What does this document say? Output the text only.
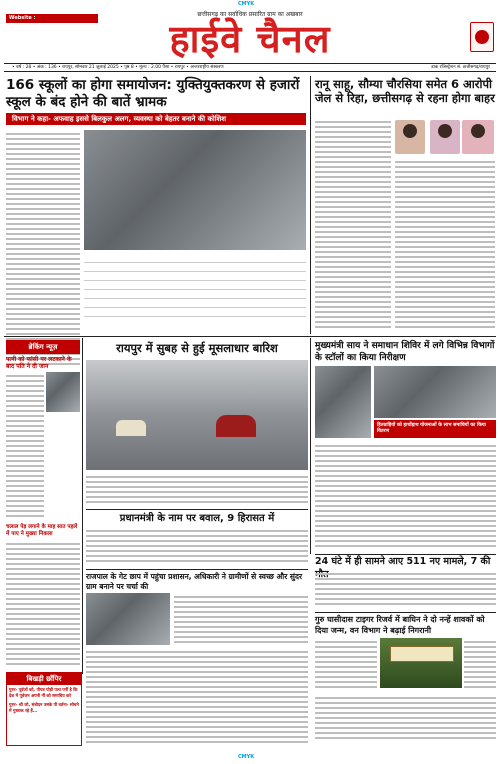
CMYK
Website : www.highwaychannel.in
छत्तीसगढ़ का सर्वाधिक प्रसारित ग्राम का अखबार
हाईवे चैनल
• वर्ष : 28 • अंक : 136 • रायपुर, सोमवार 21 जुलाई 2025 • पृष्ठ 8 • मूल्य : 2.00 पैसा • रायपुर • अन्तरराष्ट्रीय संस्करण	डाक रजिस्ट्रेशन सं. छत्तीसगढ़/रायपुर
166 स्कूलों का होगा समायोजन: युक्तियुक्तकरण से हजारों स्कूल के बंद होने की बातें भ्रामक
विभाग ने कहा- अफवाह इससे बिलकुल अलग, व्यवस्था को बेहतर बनाने की कोशिश
रानू साहू, सौम्या चौरसिया समेत 6 आरोपी जेल से रिहा, छत्तीसगढ़ से रहना होगा बाहर
ब्रेकिंग न्यूज़
पत्नी को फांसी पर लटकाने के बाद पति ने दी जान
चलाल पेड़ लगाने के माह सात पहलें में पाए ने मुख्या निकला
रायपुर में सुबह से हुई मूसलाधार बारिश	मुख्यमंत्री साय ने समाधान शिविर में लगे विभिन्न विभागों के स्टॉलों का किया निरीक्षण
हितग्राहियों को हाथोंहाथ योजनाओं के लाभ समाधियों का किया वितरण
प्रधानमंत्री के नाम पर बवाल, 9 हिरासत में
24 घंटे में ही सामने आए 511 नए मामले, 7 की
राजपाल के गेट छाप में पहुंचा प्रशासन, अधिकारी ने ग्रामीणों से स्वच्छ और सुंदर ग्राम बनाने पर चर्चा की
गुरु घासीदास टाइगर रिजर्व में बाघिन ने दो नन्हें शावकों को दिया जन्म, वन विभाग ने बढ़ाई निगरानी
बिखड़ी छाँपिर
गुरुर- पूर्वजों को, पीयत्र पोड़ी पत्थ पर्नी है कि देश में पूर्वजन अपनी नीं को समाधिय करे
गुरुर- श्री जो, संबोदन उसके पी वर्तना- सोचने में गुस्ताक रहे हैं...
CMYK
